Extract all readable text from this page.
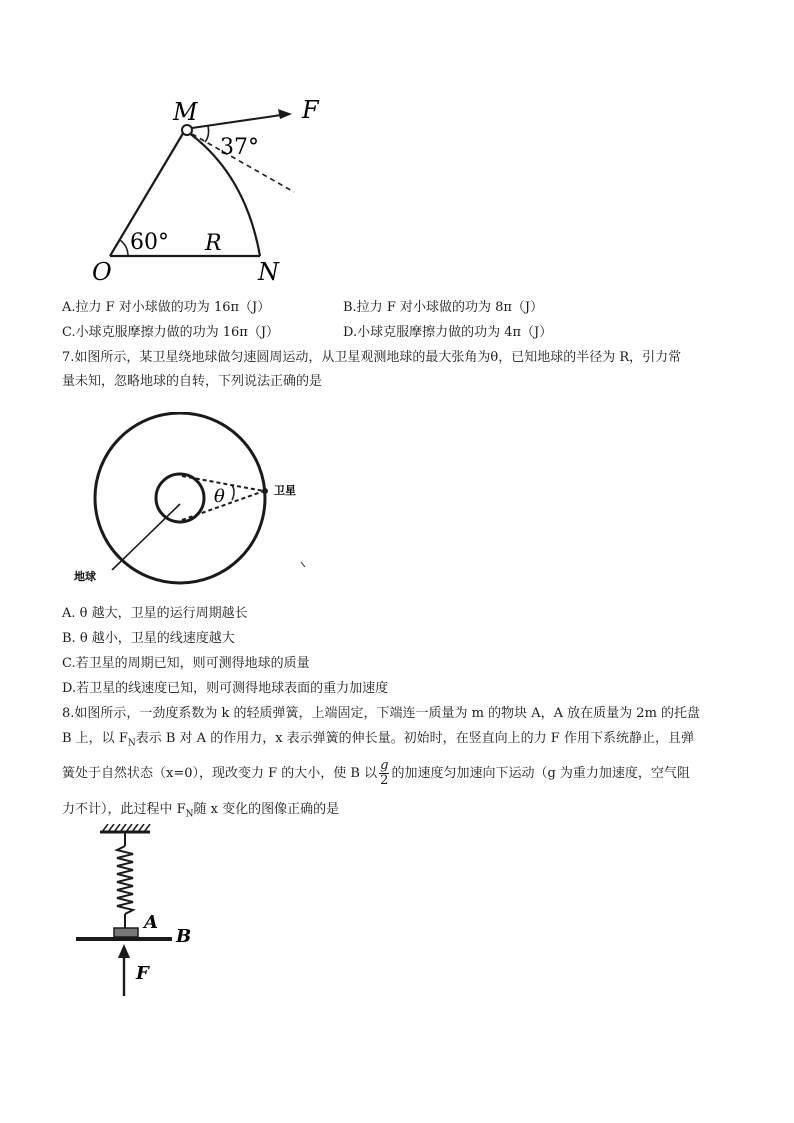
M	F
37°
60° R
O	N
A.拉力 F 对小球做的功为 16π（J）	B.拉力 F 对小球做的功为 8π（J）
C.小球克服摩擦力做的功为 16π（J）	D.小球克服摩擦力做的功为 4π（J）
7.如图所示，某卫星绕地球做匀速圆周运动，从卫星观测地球的最大张角为θ，已知地球的半径为 R，引力常
量未知，忽略地球的自转，下列说法正确的是
θ	卫星
地球
A. θ 越大，卫星的运行周期越长
B. θ 越小，卫星的线速度越大
C.若卫星的周期已知，则可测得地球的质量
D.若卫星的线速度已知，则可测得地球表面的重力加速度
8.如图所示，一劲度系数为 k 的轻质弹簧，上端固定，下端连一质量为 m 的物块 A，A 放在质量为 2m 的托盘
B 上，以 $F_N$表示 B 对 A 的作用力，x 表示弹簧的伸长量。初始时，在竖直向上的力 F 作用下系统静止，且弹
簧处于自然状态（x=0），现改变力 F 的大小，使 B 以 $\frac{g}{2}$ 的加速度匀加速向下运动（g 为重力加速度，空气阻
力不计），此过程中 $F_N$随 x 变化的图像正确的是
A
B
F
